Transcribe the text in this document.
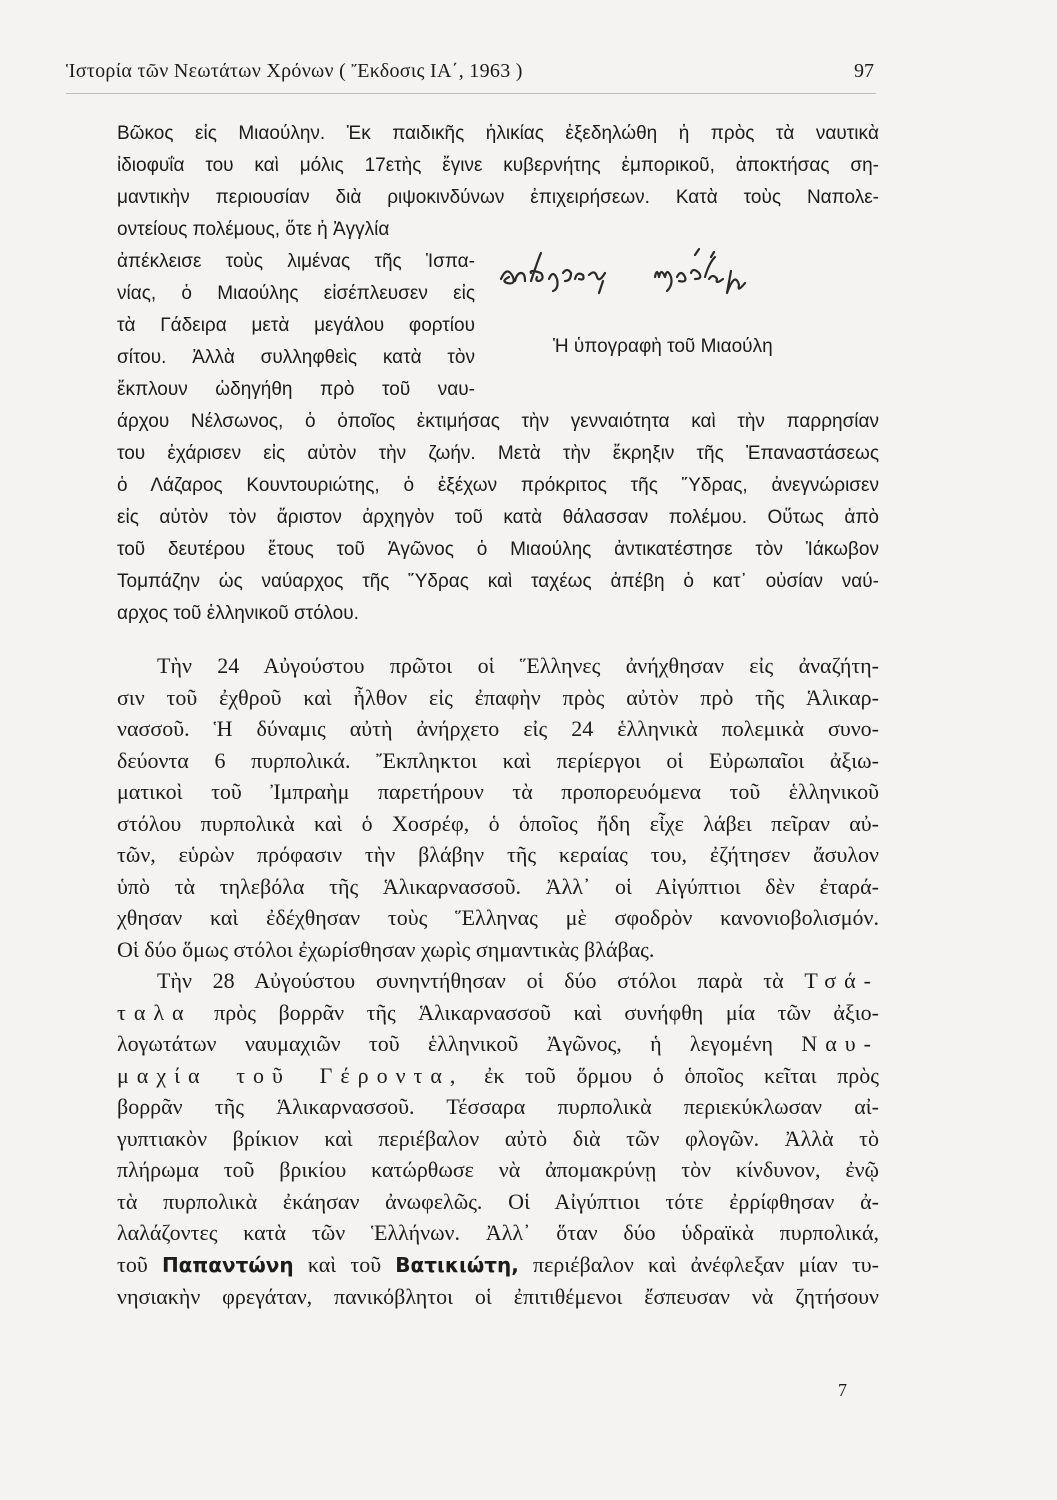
Ἱστορία τῶν Νεωτάτων Χρόνων ( Ἔκδοσις ΙΑ΄, 1963 )	97
Βῶκος εἰς Μιαούλην. Ἐκ παιδικῆς ἡλικίας ἐξεδηλώθη ἡ πρὸς τὰ ναυτικὰ
ἰδιοφυΐα του καὶ μόλις 17ετὴς ἔγινε κυβερνήτης ἐμπορικοῦ, ἀποκτήσας ση-
μαντικὴν περιουσίαν διὰ ριψοκινδύνων ἐπιχειρήσεων. Κατὰ τοὺς Ναπολε-
οντείους πολέμους, ὅτε ἡ Ἀγγλία
ἀπέκλεισε τοὺς λιμένας τῆς Ἱσπα-
νίας, ὁ Μιαούλης εἰσέπλευσεν εἰς
τὰ Γάδειρα μετὰ μεγάλου φορτίου
σίτου. Ἀλλὰ συλληφθεὶς κατὰ τὸν
ἔκπλουν ὡδηγήθη πρὸ τοῦ ναυ-
άρχου Νέλσωνος, ὁ ὁποῖος ἐκτιμήσας τὴν γενναιότητα καὶ τὴν παρρησίαν
του ἐχάρισεν εἰς αὐτὸν τὴν ζωήν. Μετὰ τὴν ἔκρηξιν τῆς Ἐπαναστάσεως
ὁ Λάζαρος Κουντουριώτης, ὁ ἐξέχων πρόκριτος τῆς Ὕδρας, ἀνεγνώρισεν
εἰς αὐτὸν τὸν ἄριστον ἀρχηγὸν τοῦ κατὰ θάλασσαν πολέμου. Οὕτως ἀπὸ
τοῦ δευτέρου ἔτους τοῦ Ἀγῶνος ὁ Μιαούλης ἀντικατέστησε τὸν Ἰάκωβον
Τομπάζην ὡς ναύαρχος τῆς Ὕδρας καὶ ταχέως ἀπέβη ὁ κατ᾽ οὐσίαν ναύ-
αρχος τοῦ ἑλληνικοῦ στόλου.
ἀνδρέας μιαούλης
Ἡ ὑπογραφὴ τοῦ Μιαούλη
Τὴν 24 Αὐγούστου πρῶτοι οἱ Ἕλληνες ἀνήχθησαν εἰς ἀναζήτη-
σιν τοῦ ἐχθροῦ καὶ ἦλθον εἰς ἐπαφὴν πρὸς αὐτὸν πρὸ τῆς Ἁλικαρ-
νασσοῦ. Ἡ δύναμις αὐτὴ ἀνήρχετο εἰς 24 ἑλληνικὰ πολεμικὰ συνο-
δεύοντα 6 πυρπολικά. Ἔκπληκτοι καὶ περίεργοι οἱ Εὐρωπαῖοι ἀξιω-
ματικοὶ τοῦ Ἰμπραὴμ παρετήρουν τὰ προπορευόμενα τοῦ ἑλληνικοῦ
στόλου πυρπολικὰ καὶ ὁ Χοσρέφ, ὁ ὁποῖος ἤδη εἶχε λάβει πεῖραν αὐ-
τῶν, εὑρὼν πρόφασιν τὴν βλάβην τῆς κεραίας του, ἐζήτησεν ἄσυλον
ὑπὸ τὰ τηλεβόλα τῆς Ἁλικαρνασσοῦ. Ἀλλ᾽ οἱ Αἰγύπτιοι δὲν ἐταρά-
χθησαν καὶ ἐδέχθησαν τοὺς Ἕλληνας μὲ σφοδρὸν κανονιοβολισμόν.
Οἱ δύο ὅμως στόλοι ἐχωρίσθησαν χωρὶς σημαντικὰς βλάβας.
Τὴν 28 Αὐγούστου συνηντήθησαν οἱ δύο στόλοι παρὰ τὰ Τσά-
ταλα πρὸς βορρᾶν τῆς Ἁλικαρνασσοῦ καὶ συνήφθη μία τῶν ἀξιο-
λογωτάτων ναυμαχιῶν τοῦ ἑλληνικοῦ Ἀγῶνος, ἡ λεγομένη Ναυ-
μαχία τοῦ Γέροντα, ἐκ τοῦ ὅρμου ὁ ὁποῖος κεῖται πρὸς
βορρᾶν τῆς Ἁλικαρνασσοῦ. Τέσσαρα πυρπολικὰ περιεκύκλωσαν αἰ-
γυπτιακὸν βρίκιον καὶ περιέβαλον αὐτὸ διὰ τῶν φλογῶν. Ἀλλὰ τὸ
πλήρωμα τοῦ βρικίου κατώρθωσε νὰ ἀπομακρύνῃ τὸν κίνδυνον, ἐνῷ
τὰ πυρπολικὰ ἐκάησαν ἀνωφελῶς. Οἱ Αἰγύπτιοι τότε ἐρρίφθησαν ἀ-
λαλάζοντες κατὰ τῶν Ἑλλήνων. Ἀλλ᾽ ὅταν δύο ὑδραϊκὰ πυρπολικά,
τοῦ Παπαντώνη καὶ τοῦ Βατικιώτη, περιέβαλον καὶ ἀνέφλεξαν μίαν τυ-
νησιακὴν φρεγάταν, πανικόβλητοι οἱ ἐπιτιθέμενοι ἔσπευσαν νὰ ζητήσουν
7
